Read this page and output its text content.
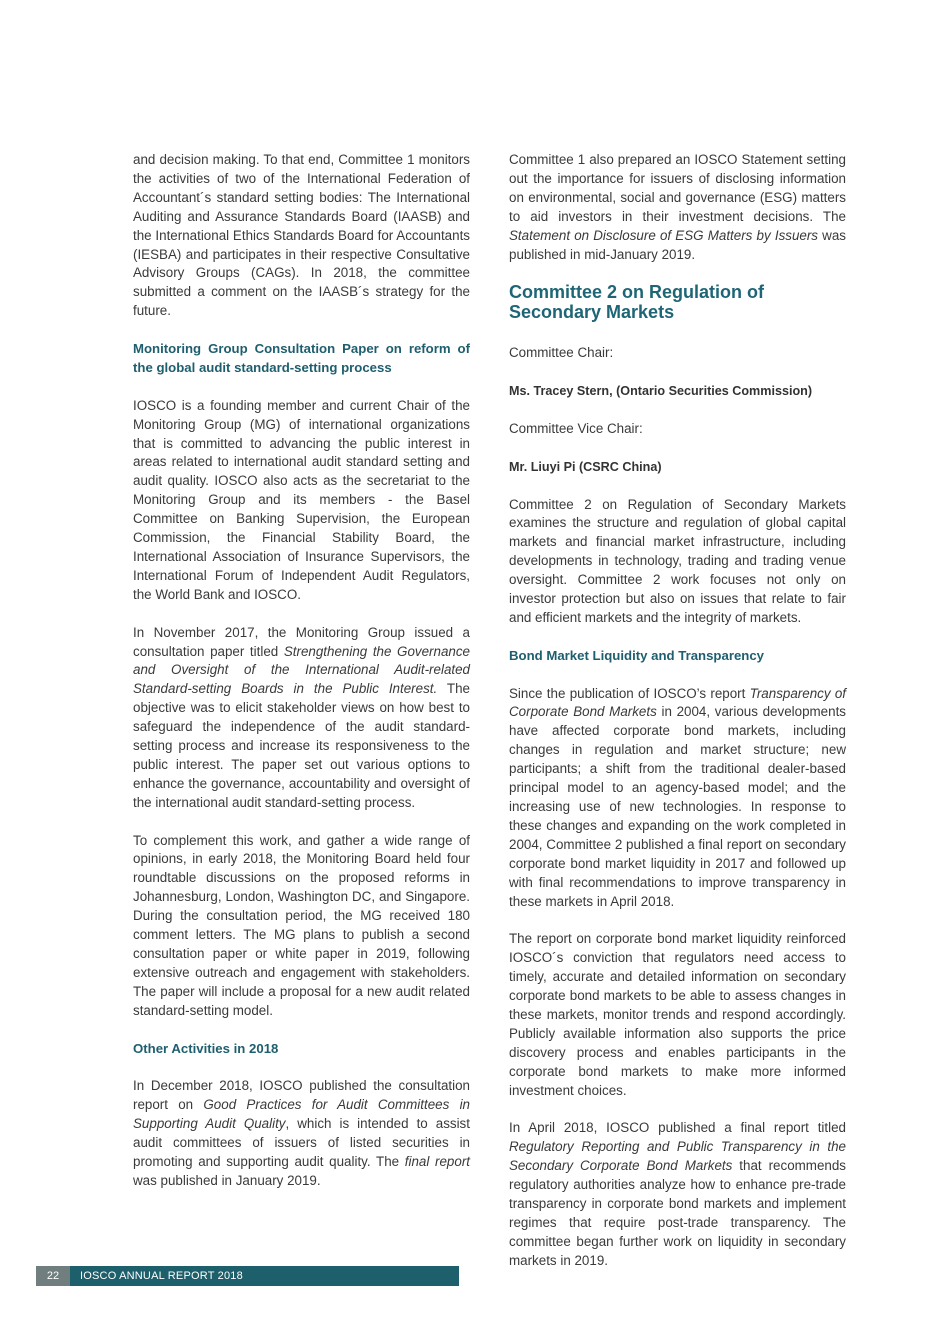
and decision making. To that end, Committee 1 monitors the activities of two of the International Federation of Accountant´s standard setting bodies: The International Auditing and Assurance Standards Board (IAASB) and the International Ethics Standards Board for Accountants (IESBA) and participates in their respective Consultative Advisory Groups (CAGs). In 2018, the committee submitted a comment on the IAASB´s strategy for the future.

Monitoring Group Consultation Paper on reform of the global audit standard-setting process

IOSCO is a founding member and current Chair of the Monitoring Group (MG) of international organizations that is committed to advancing the public interest in areas related to international audit standard setting and audit quality. IOSCO also acts as the secretariat to the Monitoring Group and its members - the Basel Committee on Banking Supervision, the European Commission, the Financial Stability Board, the International Association of Insurance Supervisors, the International Forum of Independent Audit Regulators, the World Bank and IOSCO.

In November 2017, the Monitoring Group issued a consultation paper titled Strengthening the Governance and Oversight of the International Audit-related Standard-setting Boards in the Public Interest. The objective was to elicit stakeholder views on how best to safeguard the independence of the audit standard-setting process and increase its responsiveness to the public interest. The paper set out various options to enhance the governance, accountability and oversight of the international audit standard-setting process.

To complement this work, and gather a wide range of opinions, in early 2018, the Monitoring Board held four roundtable discussions on the proposed reforms in Johannesburg, London, Washington DC, and Singapore. During the consultation period, the MG received 180 comment letters. The MG plans to publish a second consultation paper or white paper in 2019, following extensive outreach and engagement with stakeholders. The paper will include a proposal for a new audit related standard-setting model.

Other Activities in 2018

In December 2018, IOSCO published the consultation report on Good Practices for Audit Committees in Supporting Audit Quality, which is intended to assist audit committees of issuers of listed securities in promoting and supporting audit quality. The final report was published in January 2019.

Committee 1 also prepared an IOSCO Statement setting out the importance for issuers of disclosing information on environmental, social and governance (ESG) matters to aid investors in their investment decisions. The Statement on Disclosure of ESG Matters by Issuers was published in mid-January 2019.

Committee 2 on Regulation of Secondary Markets

Committee Chair:

Ms. Tracey Stern, (Ontario Securities Commission)

Committee Vice Chair:

Mr. Liuyi Pi (CSRC China)

Committee 2 on Regulation of Secondary Markets examines the structure and regulation of global capital markets and financial market infrastructure, including developments in technology, trading and trading venue oversight. Committee 2 work focuses not only on investor protection but also on issues that relate to fair and efficient markets and the integrity of markets.

Bond Market Liquidity and Transparency

Since the publication of IOSCO’s report Transparency of Corporate Bond Markets in 2004, various developments have affected corporate bond markets, including changes in regulation and market structure; new participants; a shift from the traditional dealer-based principal model to an agency-based model; and the increasing use of new technologies. In response to these changes and expanding on the work completed in 2004, Committee 2 published a final report on secondary corporate bond market liquidity in 2017 and followed up with final recommendations to improve transparency in these markets in April 2018.

The report on corporate bond market liquidity reinforced IOSCO´s conviction that regulators need access to timely, accurate and detailed information on secondary corporate bond markets to be able to assess changes in these markets, monitor trends and respond accordingly. Publicly available information also supports the price discovery process and enables participants in the corporate bond markets to make more informed investment choices.

In April 2018, IOSCO published a final report titled Regulatory Reporting and Public Transparency in the Secondary Corporate Bond Markets that recommends regulatory authorities analyze how to enhance pre-trade transparency in corporate bond markets and implement regimes that require post-trade transparency. The committee began further work on liquidity in secondary markets in 2019.

22	IOSCO ANNUAL REPORT 2018
